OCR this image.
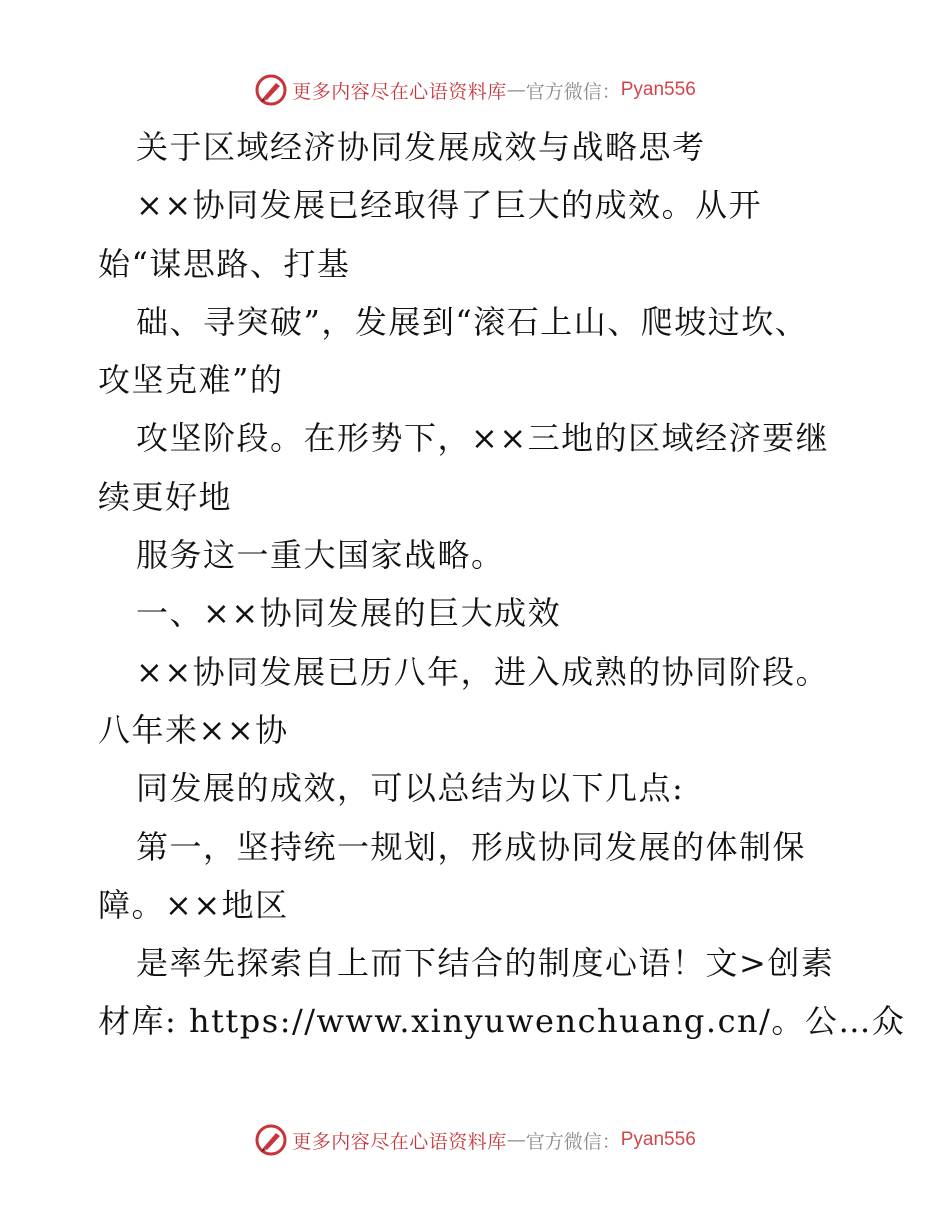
更多内容尽在心语资料库 — 官方微信： Pyan556
关于区域经济协同发展成效与战略思考
××协同发展已经取得了巨大的成效。从开
始“谋思路、打基
础、寻突破”，发展到“滚石上山、爬坡过坎、
攻坚克难”的
攻坚阶段。在形势下，××三地的区域经济要继
续更好地
服务这一重大国家战略。
一、××协同发展的巨大成效
××协同发展已历八年，进入成熟的协同阶段。
八年来××协
同发展的成效，可以总结为以下几点:
第一，坚持统一规划，形成协同发展的体制保
障。××地区
是率先探索自上而下结合的制度心语！文>创素
材库: https://www.xinyuwenchuang.cn/。公…众
更多内容尽在心语资料库 — 官方微信： Pyan556
